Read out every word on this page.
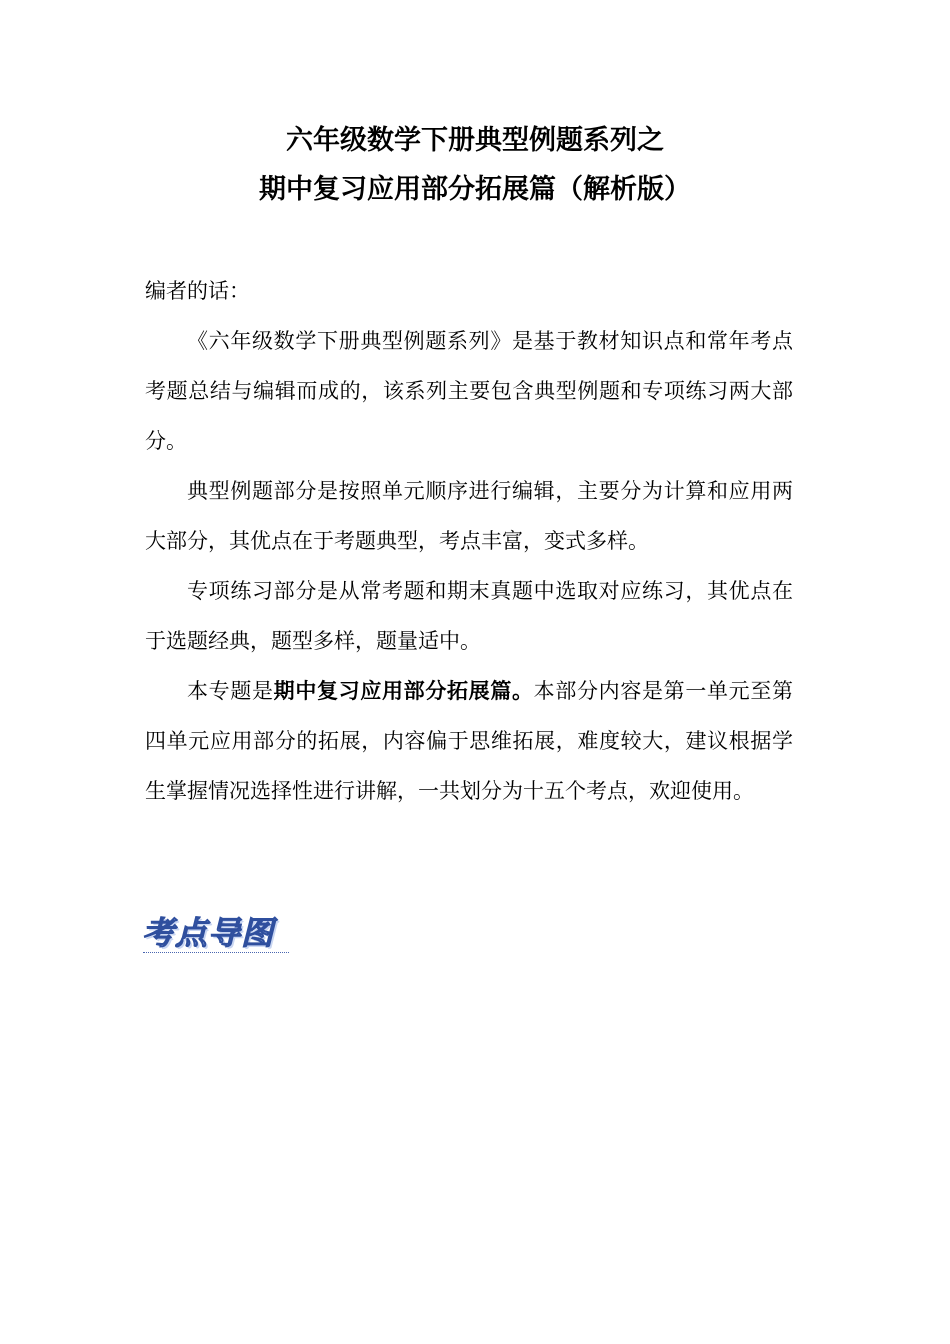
六年级数学下册典型例题系列之
期中复习应用部分拓展篇（解析版）
编者的话：

《六年级数学下册典型例题系列》是基于教材知识点和常年考点考题总结与编辑而成的，该系列主要包含典型例题和专项练习两大部分。

典型例题部分是按照单元顺序进行编辑，主要分为计算和应用两大部分，其优点在于考题典型，考点丰富，变式多样。

专项练习部分是从常考题和期末真题中选取对应练习，其优点在于选题经典，题型多样，题量适中。

本专题是期中复习应用部分拓展篇。本部分内容是第一单元至第四单元应用部分的拓展，内容偏于思维拓展，难度较大，建议根据学生掌握情况选择性进行讲解，一共划分为十五个考点，欢迎使用。

考点导图
